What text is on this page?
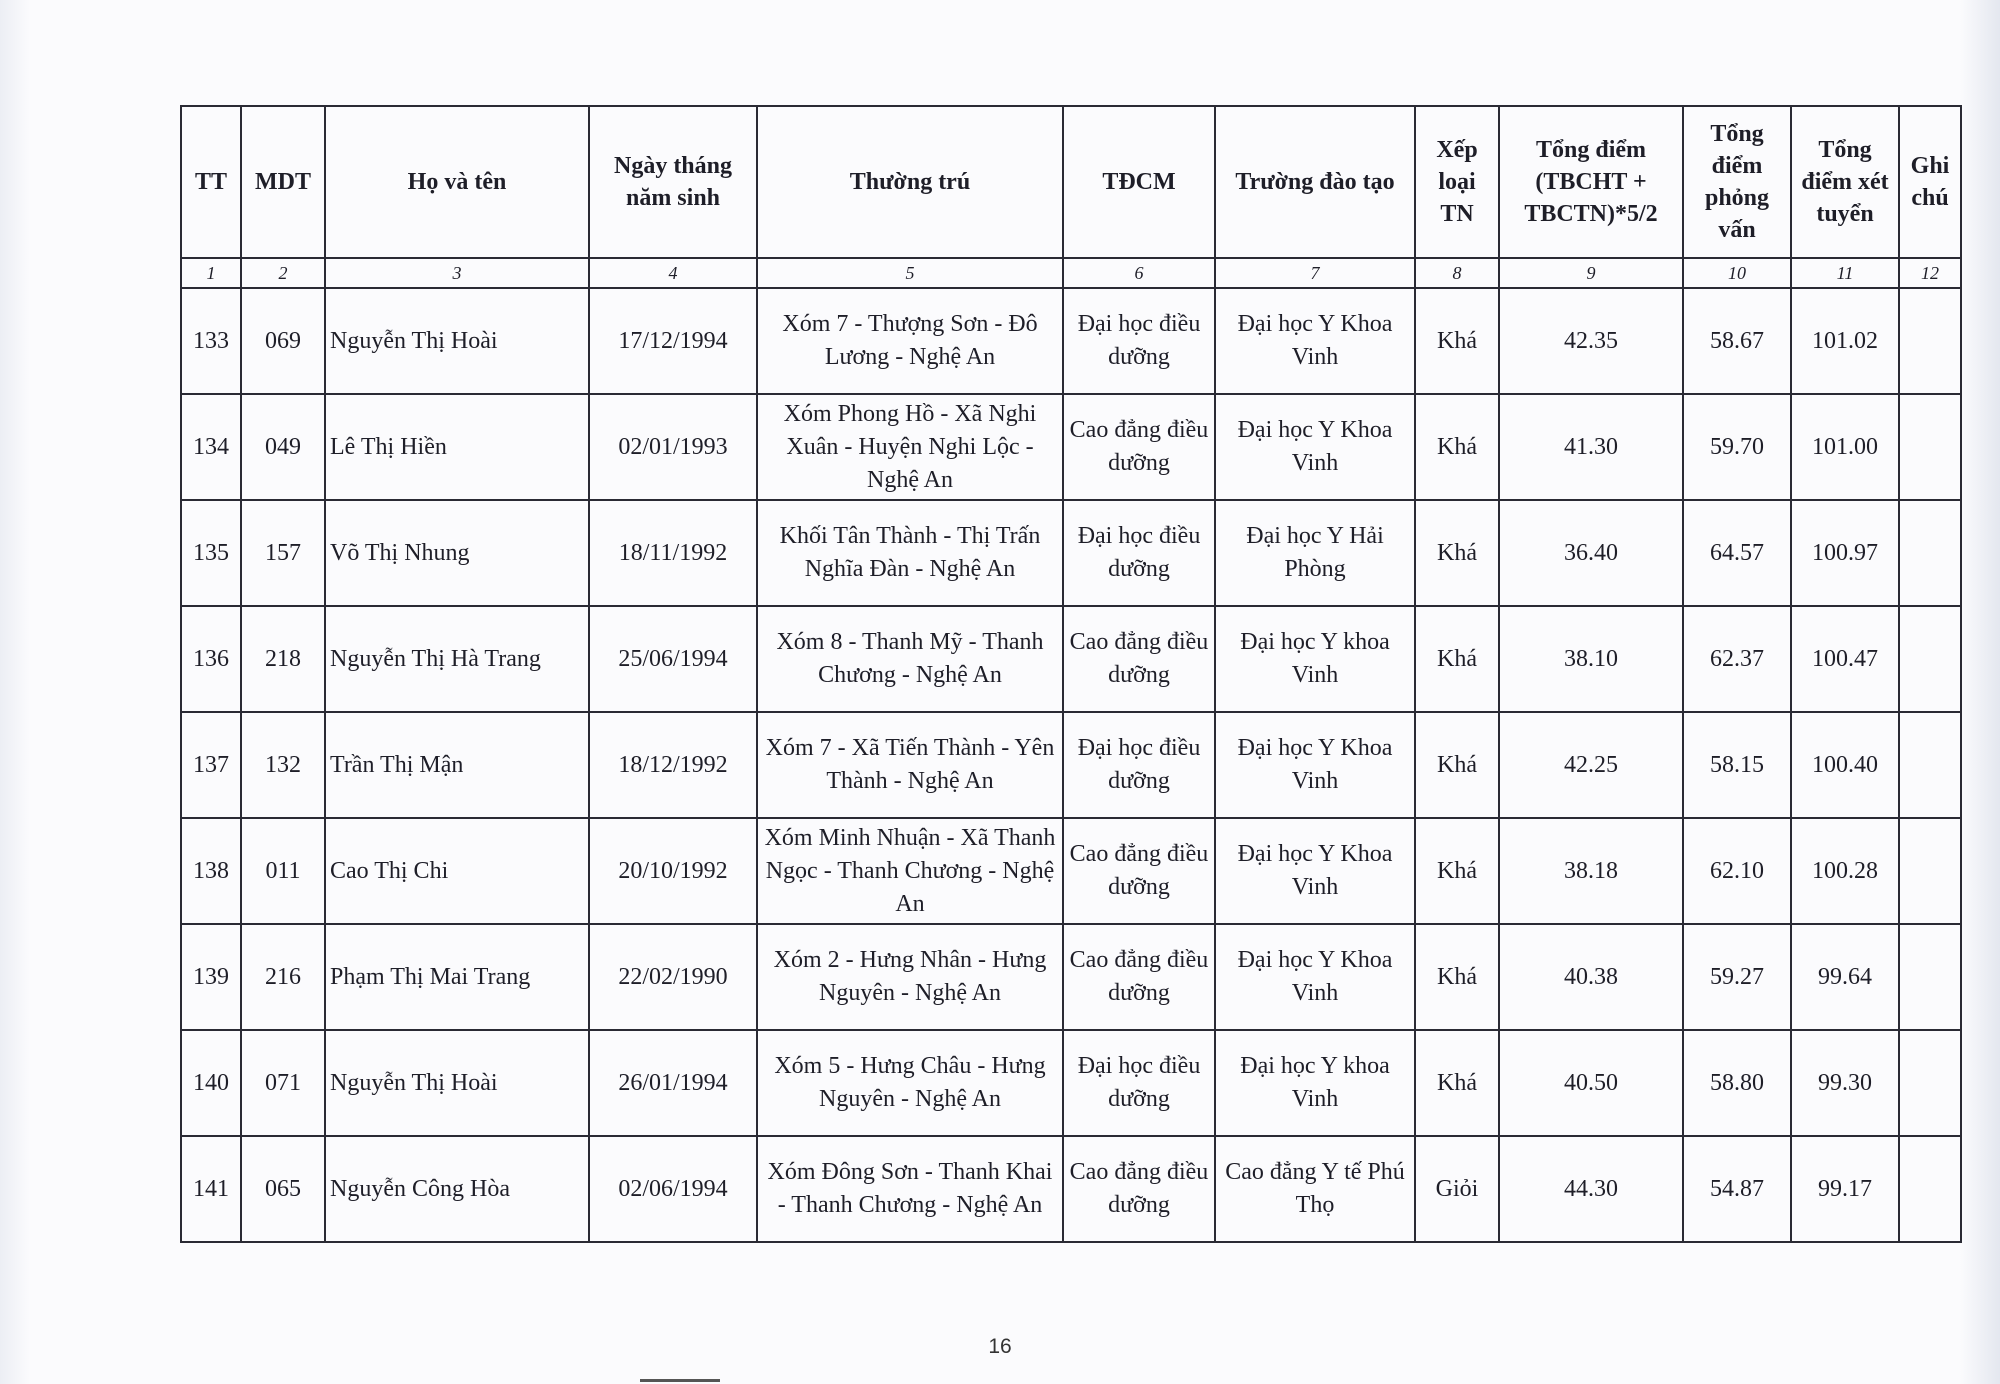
TT	MDT	Họ và tên	Ngày tháng năm sinh	Thường trú	TĐCM	Trường đào tạo	Xếp loại TN	Tổng điểm (TBCHT + TBCTN)*5/2	Tổng điểm phỏng vấn	Tổng điểm xét tuyển	Ghi chú
1	2	3	4	5	6	7	8	9	10	11	12
133	069	Nguyễn Thị Hoài	17/12/1994	Xóm 7 - Thượng Sơn - Đô Lương - Nghệ An	Đại học điều dưỡng	Đại học Y Khoa Vinh	Khá	42.35	58.67	101.02	
134	049	Lê Thị Hiền	02/01/1993	Xóm Phong Hồ - Xã Nghi Xuân - Huyện Nghi Lộc - Nghệ An	Cao đẳng điều dưỡng	Đại học Y Khoa Vinh	Khá	41.30	59.70	101.00	
135	157	Võ Thị Nhung	18/11/1992	Khối Tân Thành - Thị Trấn Nghĩa Đàn - Nghệ An	Đại học điều dưỡng	Đại học Y Hải Phòng	Khá	36.40	64.57	100.97	
136	218	Nguyễn Thị Hà Trang	25/06/1994	Xóm 8 - Thanh Mỹ - Thanh Chương - Nghệ An	Cao đẳng điều dưỡng	Đại học Y khoa Vinh	Khá	38.10	62.37	100.47	
137	132	Trần Thị Mận	18/12/1992	Xóm 7 - Xã Tiến Thành - Yên Thành - Nghệ An	Đại học điều dưỡng	Đại học Y Khoa Vinh	Khá	42.25	58.15	100.40	
138	011	Cao Thị Chi	20/10/1992	Xóm Minh Nhuận - Xã Thanh Ngọc - Thanh Chương - Nghệ An	Cao đẳng điều dưỡng	Đại học Y Khoa Vinh	Khá	38.18	62.10	100.28	
139	216	Phạm Thị Mai Trang	22/02/1990	Xóm 2 - Hưng Nhân - Hưng Nguyên - Nghệ An	Cao đẳng điều dưỡng	Đại học Y Khoa Vinh	Khá	40.38	59.27	99.64	
140	071	Nguyễn Thị Hoài	26/01/1994	Xóm 5 - Hưng Châu - Hưng Nguyên - Nghệ An	Đại học điều dưỡng	Đại học Y khoa Vinh	Khá	40.50	58.80	99.30	
141	065	Nguyễn Công Hòa	02/06/1994	Xóm Đông Sơn - Thanh Khai - Thanh Chương - Nghệ An	Cao đẳng điều dưỡng	Cao đẳng Y tế Phú Thọ	Giỏi	44.30	54.87	99.17	
16
